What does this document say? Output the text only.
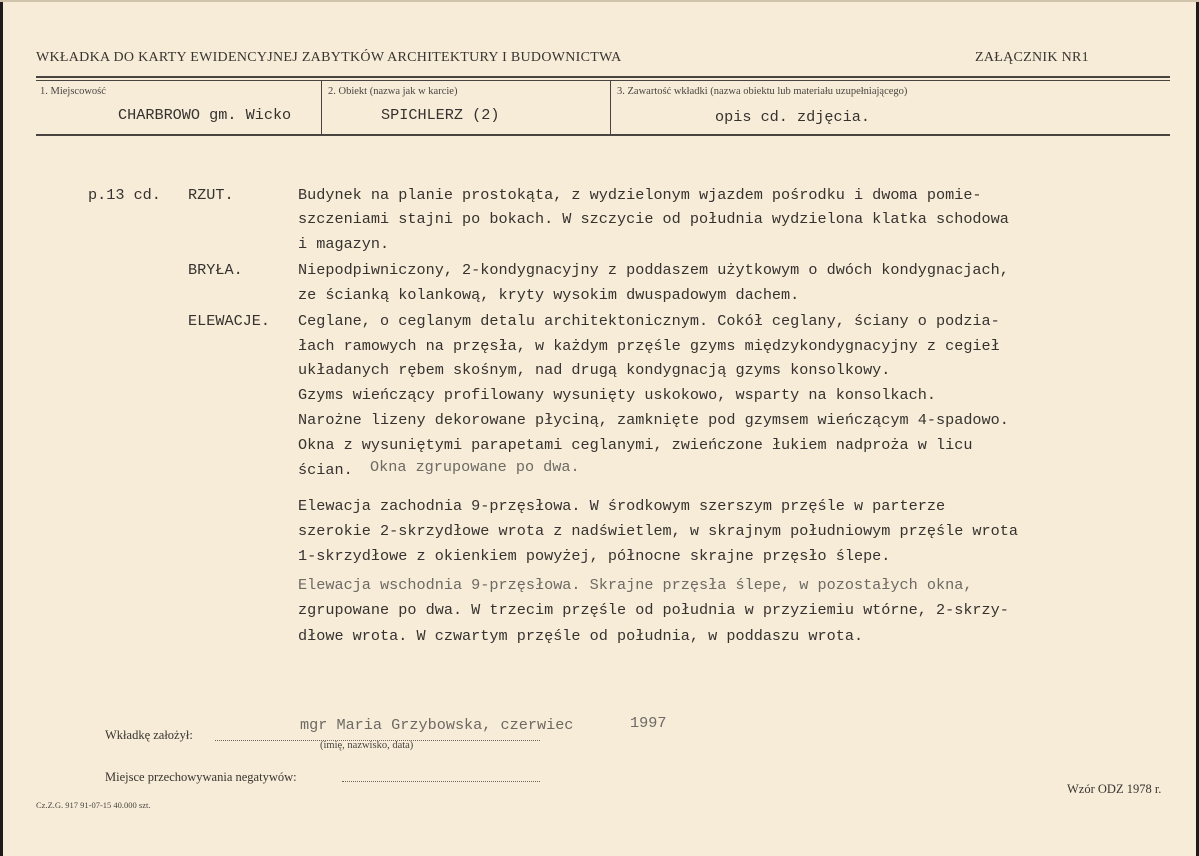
WKŁADKA DO KARTY EWIDENCYJNEJ ZABYTKÓW ARCHITEKTURY I BUDOWNICTWA	ZAŁĄCZNIK NR1
1. Miejscowość	2. Obiekt (nazwa jak w karcie)	3. Zawartość wkładki (nazwa obiektu lub materiału uzupełniającego)
CHARBROWO gm. Wicko	SPICHLERZ (2)	opis cd. zdjęcia.
p.13 cd. RZUT.	Budynek na planie prostokąta, z wydzielonym wjazdem pośrodku i dwoma pomie-
szczeniami stajni po bokach. W szczycie od południa wydzielona klatka schodowa
i magazyn.
BRYŁA.	Niepodpiwniczony, 2-kondygnacyjny z poddaszem użytkowym o dwóch kondygnacjach,
ze ścianką kolankową, kryty wysokim dwuspadowym dachem.
ELEWACJE. Ceglane, o ceglanym detalu architektonicznym. Cokół ceglany, ściany o podzia-
łach ramowych na przęsła, w każdym przęśle gzyms międzykondygnacyjny z cegieł
układanych rębem skośnym, nad drugą kondygnacją gzyms konsolkowy.
Gzyms wieńczący profilowany wysunięty uskokowo, wsparty na konsolkach.
Narożne lizeny dekorowane płyciną, zamknięte pod gzymsem wieńczącym 4-spadowo.
Okna z wysuniętymi parapetami ceglanymi, zwieńczone łukiem nadproża w licu
ścian. Okna zgrupowane po dwa.
Elewacja zachodnia 9-przęsłowa. W środkowym szerszym przęśle w parterze
szerokie 2-skrzydłowe wrota z nadświetlem, w skrajnym południowym przęśle wrota
1-skrzydłowe z okienkiem powyżej, północne skrajne przęsło ślepe.
Elewacja wschodnia 9-przęsłowa. Skrajne przęsła ślepe, w pozostałych okna,
zgrupowane po dwa. W trzecim przęśle od południa w przyziemiu wtórne, 2-skrzy-
dłowe wrota. W czwartym przęśle od południa, w poddaszu wrota.
Wkładkę założył:
mgr Maria Grzybowska, czerwiec	1997
(imię, nazwisko, data)
Miejsce przechowywania negatywów:
Cz.Z.G. 917 91-07-15 40.000 szt.
Wzór ODZ 1978 r.
